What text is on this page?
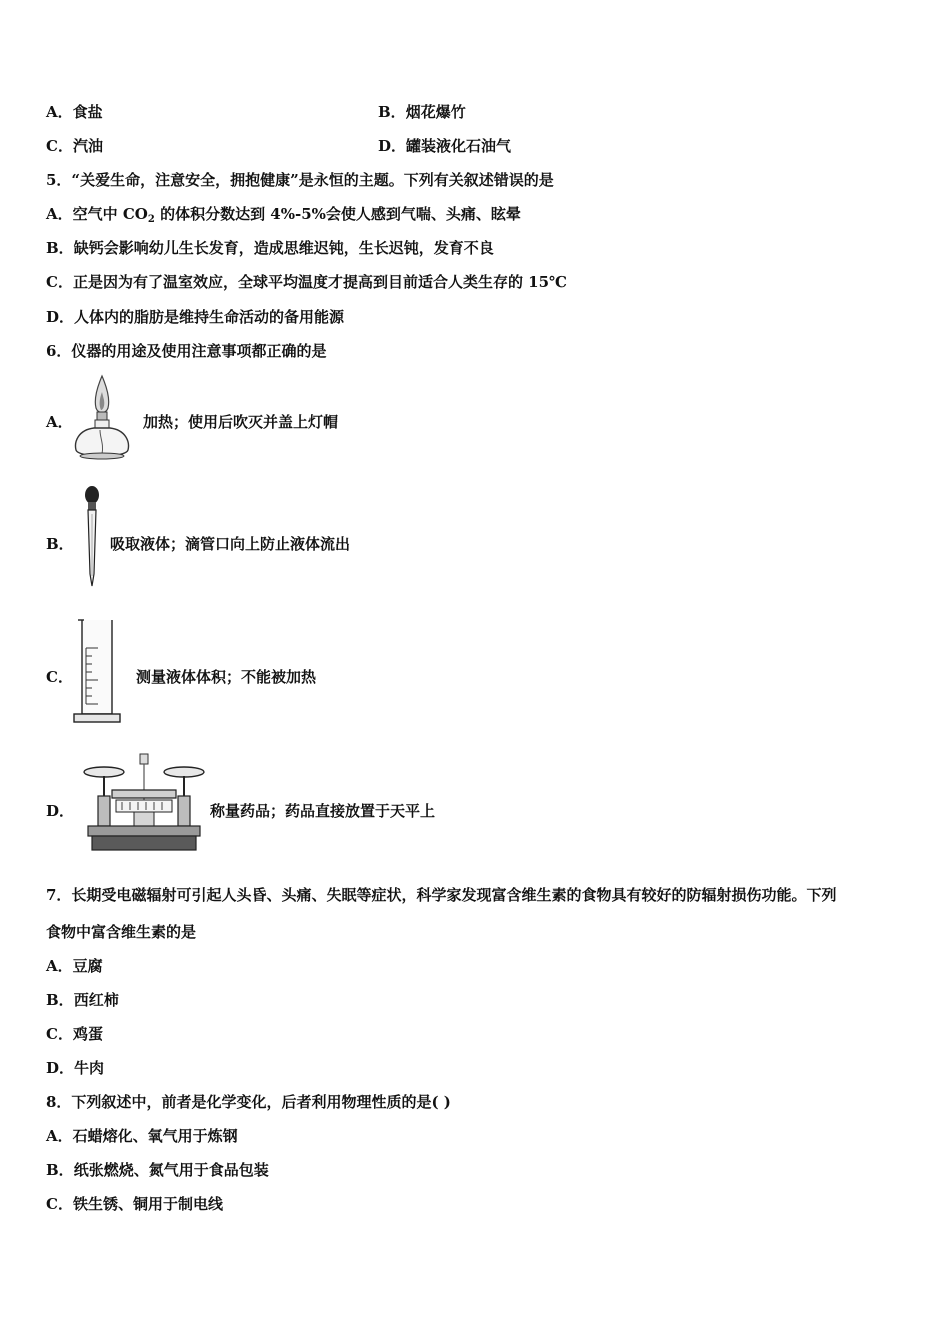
A．食盐	B．烟花爆竹
C．汽油	D．罐装液化石油气
5．“关爱生命，注意安全，拥抱健康”是永恒的主题。下列有关叙述错误的是
A．空气中 $CO_2$ 的体积分数达到 4%-5%会使人感到气喘、头痛、眩晕
B．缺钙会影响幼儿生长发育，造成思维迟钝，生长迟钝，发育不良
C．正是因为有了温室效应，全球平均温度才提高到目前适合人类生存的 15℃
D．人体内的脂肪是维持生命活动的备用能源
6．仪器的用途及使用注意事项都正确的是
A．	加热；使用后吹灭并盖上灯帽
B． 吸取液体；滴管口向上防止液体流出
C．	测量液体体积；不能被加热
D．	称量药品；药品直接放置于天平上
7．长期受电磁辐射可引起人头昏、头痛、失眠等症状，科学家发现富含维生素的食物具有较好的防辐射损伤功能。下列
食物中富含维生素的是
A．豆腐
B．西红柿
C．鸡蛋
D．牛肉
8．下列叙述中，前者是化学变化，后者利用物理性质的是( )
A．石蜡熔化、氧气用于炼钢
B．纸张燃烧、氮气用于食品包装
C．铁生锈、铜用于制电线
